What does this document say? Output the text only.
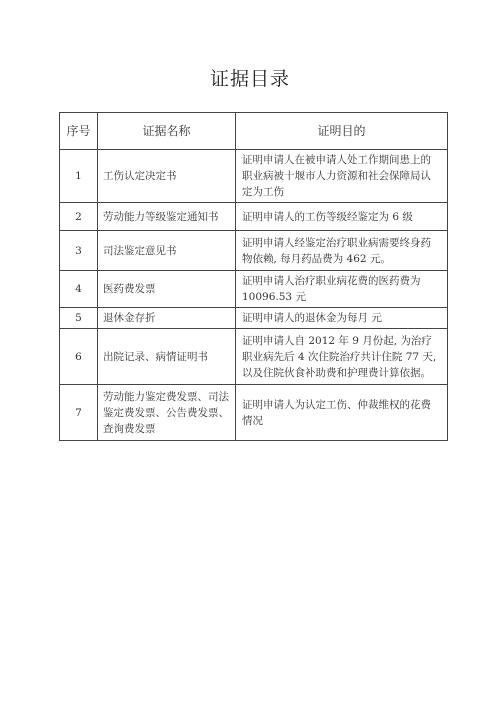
证据目录
序号	证据名称	证明目的
1	工伤认定决定书	证明申请人在被申请人处工作期间患上的职业病被十堰市人力资源和社会保障局认定为工伤
2	劳动能力等级鉴定通知书	证明申请人的工伤等级经鉴定为 6 级
3	司法鉴定意见书	证明申请人经鉴定治疗职业病需要终身药物依赖, 每月药品费为 462 元。
4	医药费发票	证明申请人治疗职业病花费的医药费为 10096.53 元
5	退休金存折	证明申请人的退休金为每月 元
6	出院记录、病情证明书	证明申请人自 2012 年 9 月份起, 为治疗职业病先后 4 次住院治疗共计住院 77 天, 以及住院伙食补助费和护理费计算依据。
7	劳动能力鉴定费发票、司法鉴定费发票、公告费发票、查询费发票	证明申请人为认定工伤、仲裁维权的花费情况
